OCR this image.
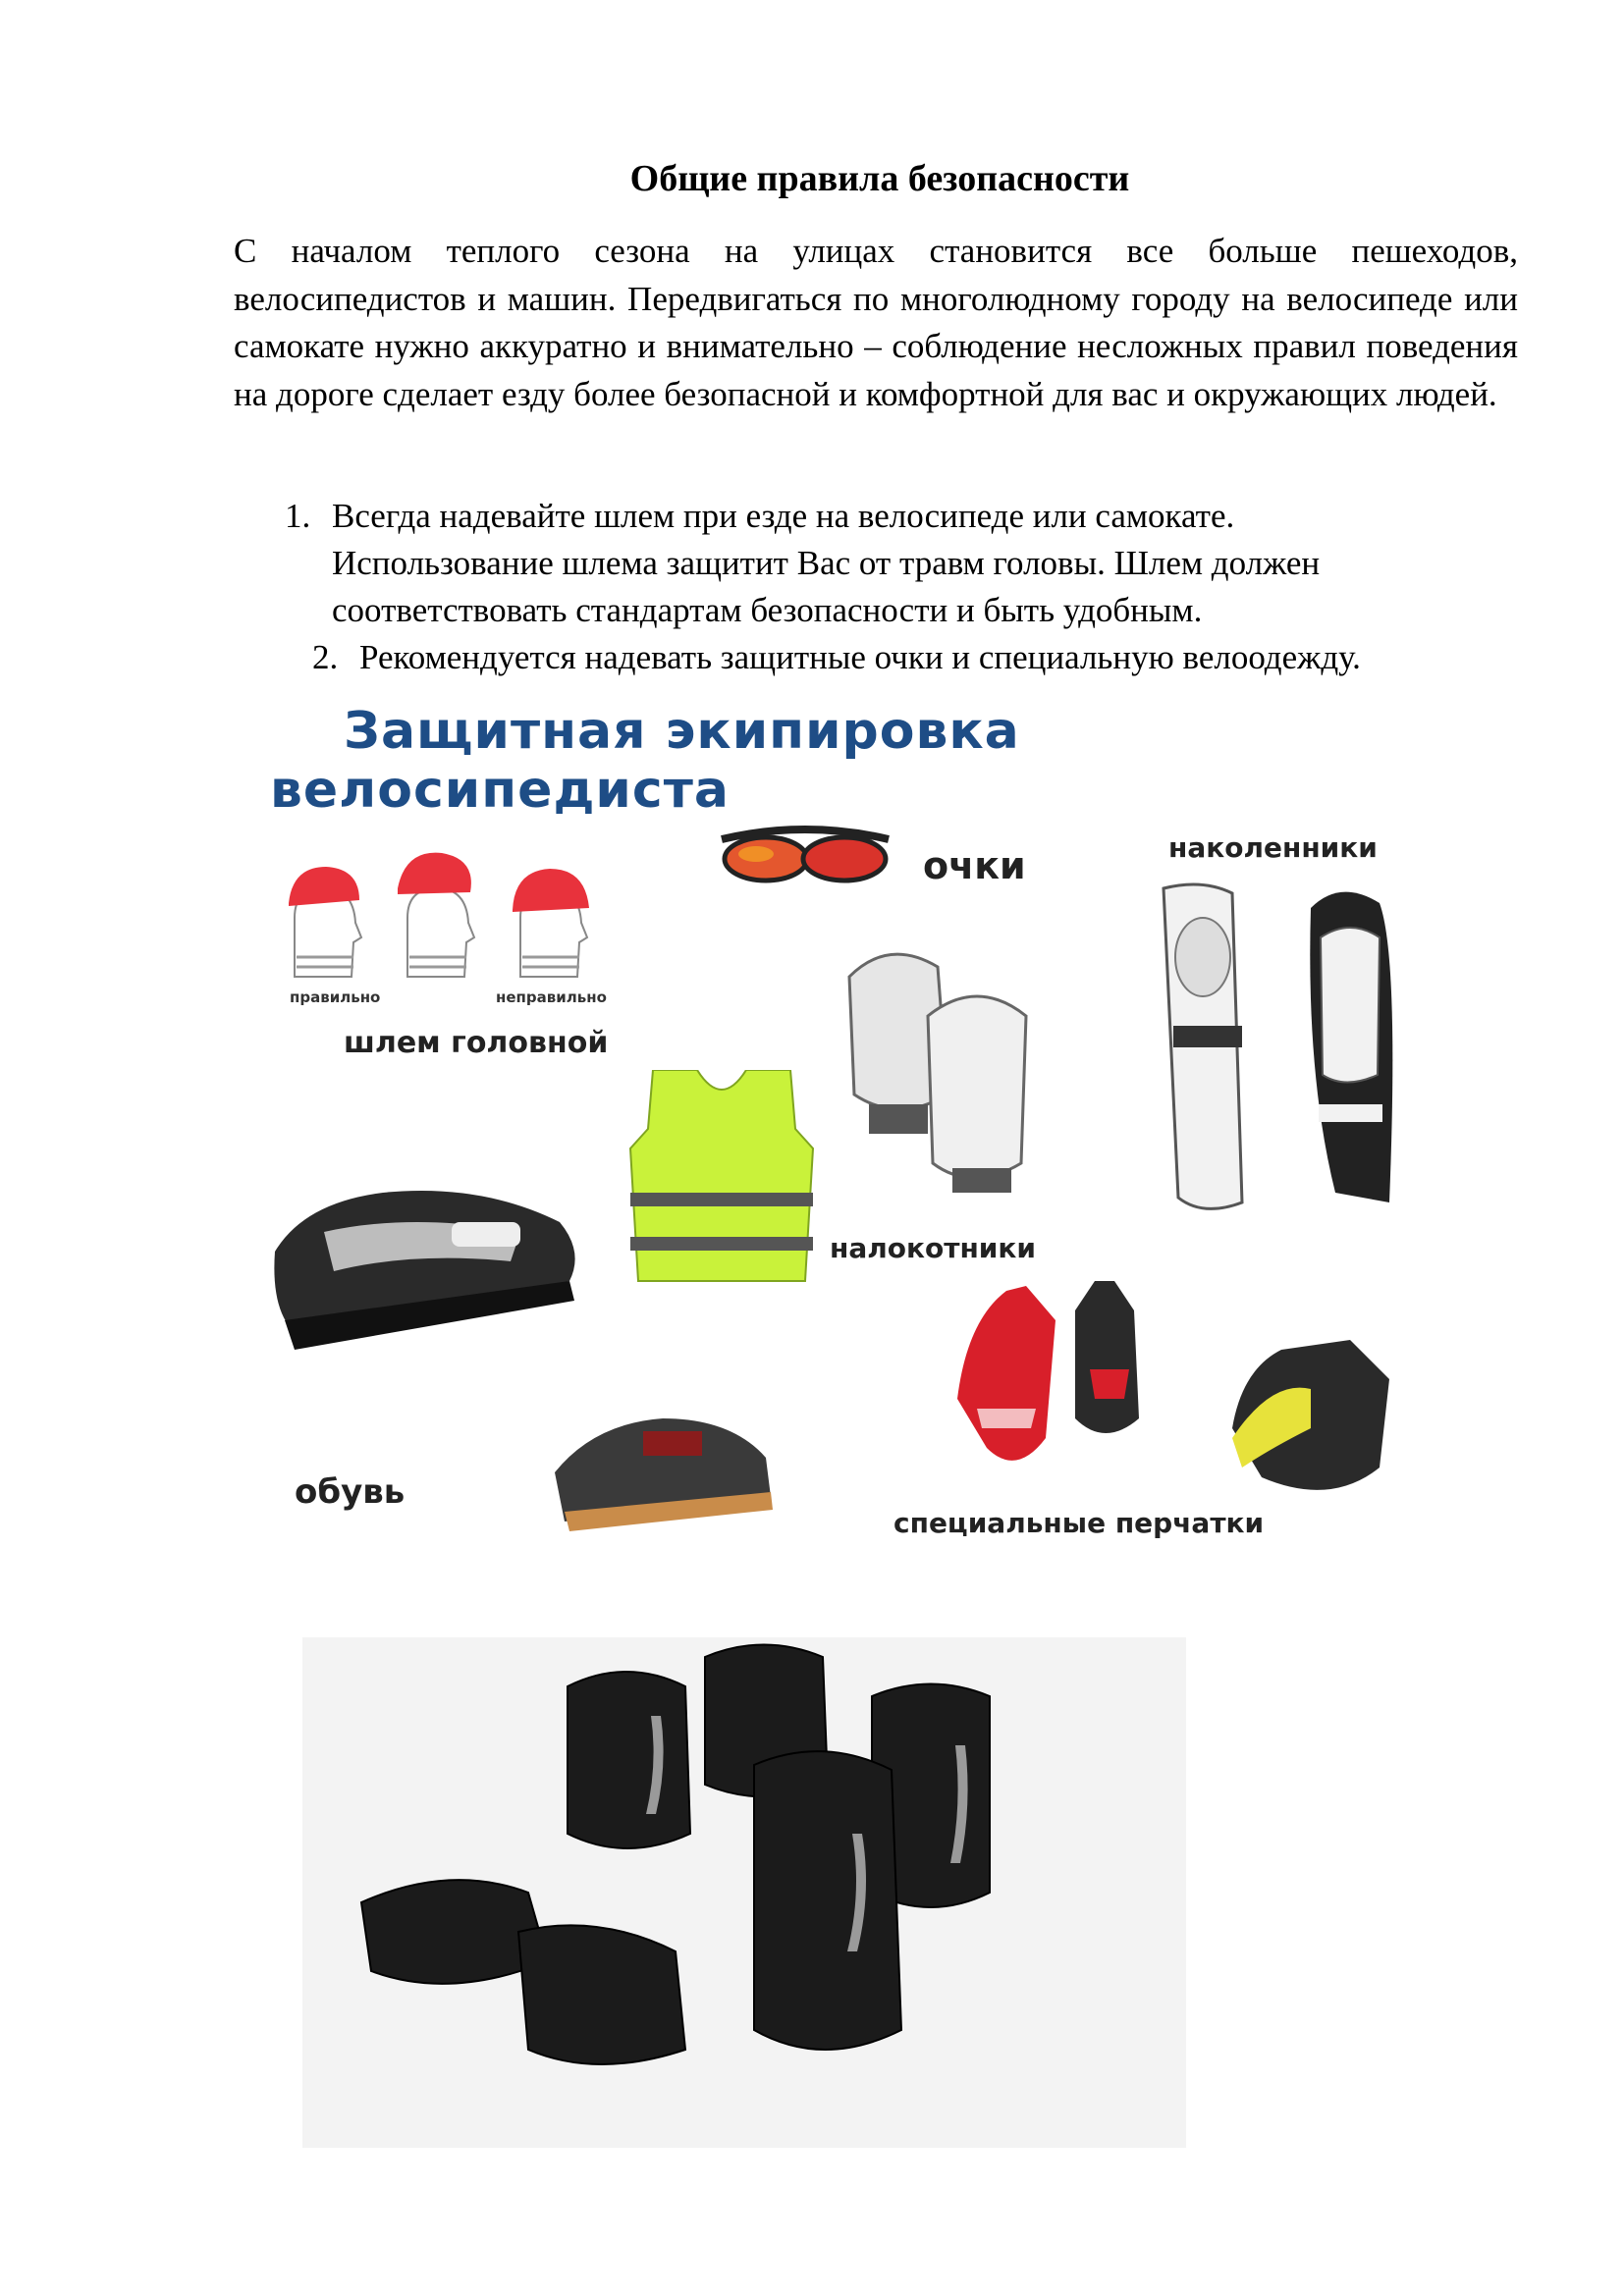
Общие правила безопасности

С началом теплого сезона на улицах становится все больше пешеходов, велосипедистов и машин. Передвигаться по многолюдному городу на велосипеде или самокате нужно аккуратно и внимательно – соблюдение несложных правил поведения на дороге сделает езду более безопасной и комфортной для вас и окружающих людей.

1. Всегда надевайте шлем при езде на велосипеде или самокате.
Использование шлема защитит Вас от травм головы. Шлем должен
соответствовать стандартам безопасности и быть удобным.
2. Рекомендуется надевать защитные очки и специальную велоодежду.
Защитная экипировка
велосипедиста
правильно	неправильно
шлем головной
очки	наколенники
налокотники
обувь
специальные перчатки
